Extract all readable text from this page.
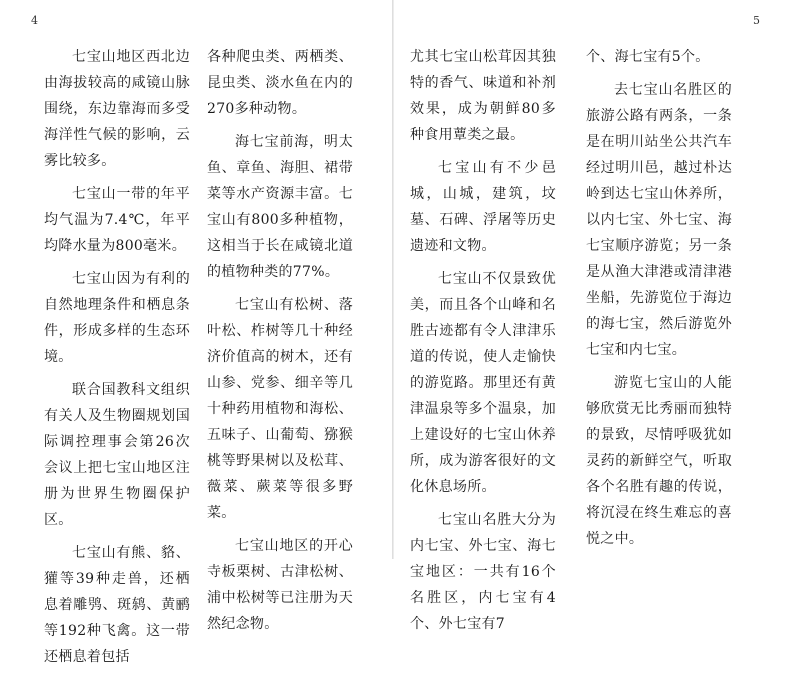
4

七宝山地区西北边由海拔较高的咸镜山脉围绕，东边靠海而多受海洋性气候的影响，云雾比较多。

七宝山一带的年平均气温为7.4℃，年平均降水量为800毫米。

七宝山因为有利的自然地理条件和栖息条件，形成多样的生态环境。

联合国教科文组织有关人及生物圈规划国际调控理事会第26次会议上把七宝山地区注册为世界生物圈保护区。

七宝山有熊、貉、獾等39种走兽，还栖息着雕鸮、斑鸫、黄鹂等192种飞禽。这一带还栖息着包括

各种爬虫类、两栖类、昆虫类、淡水鱼在内的270多种动物。

海七宝前海，明太鱼、章鱼、海胆、裙带菜等水产资源丰富。七宝山有800多种植物，这相当于长在咸镜北道的植物种类的77%。

七宝山有松树、落叶松、柞树等几十种经济价值高的树木，还有山参、党参、细辛等几十种药用植物和海松、五味子、山葡萄、猕猴桃等野果树以及松茸、薇菜、蕨菜等很多野菜。

七宝山地区的开心寺板栗树、古津松树、浦中松树等已注册为天然纪念物。

5

尤其七宝山松茸因其独特的香气、味道和补剂效果，成为朝鲜80多种食用蕈类之最。

七宝山有不少邑城，山城，建筑，坟墓、石碑、浮屠等历史遗迹和文物。

七宝山不仅景致优美，而且各个山峰和名胜古迹都有令人津津乐道的传说，使人走愉快的游览路。那里还有黄津温泉等多个温泉，加上建设好的七宝山休养所，成为游客很好的文化休息场所。

七宝山名胜大分为内七宝、外七宝、海七宝地区：一共有16个名胜区，内七宝有4个、外七宝有7

个、海七宝有5个。

去七宝山名胜区的旅游公路有两条，一条是在明川站坐公共汽车经过明川邑，越过朴达岭到达七宝山休养所，以内七宝、外七宝、海七宝顺序游览；另一条是从渔大津港或清津港坐船，先游览位于海边的海七宝，然后游览外七宝和内七宝。

游览七宝山的人能够欣赏无比秀丽而独特的景致，尽情呼吸犹如灵药的新鲜空气，听取各个名胜有趣的传说，将沉浸在终生难忘的喜悦之中。
